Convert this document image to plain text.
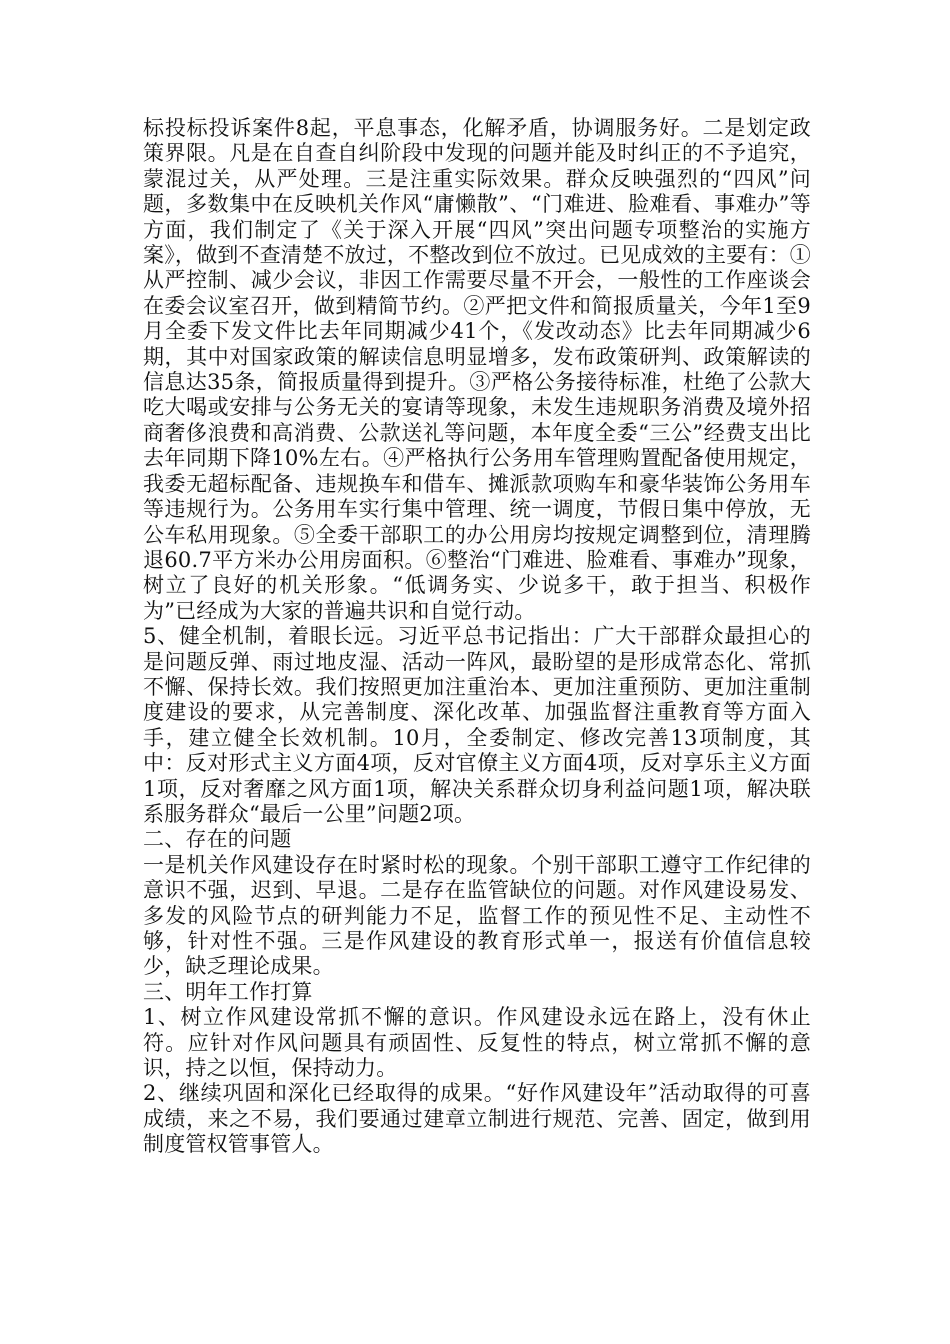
标投标投诉案件8起，平息事态，化解矛盾，协调服务好。二是划定政策界限。凡是在自查自纠阶段中发现的问题并能及时纠正的不予追究，蒙混过关，从严处理。三是注重实际效果。群众反映强烈的“四风”问题，多数集中在反映机关作风“庸懒散”、“门难进、脸难看、事难办”等方面，我们制定了《关于深入开展“四风”突出问题专项整治的实施方案》，做到不查清楚不放过，不整改到位不放过。已见成效的主要有：①从严控制、减少会议，非因工作需要尽量不开会，一般性的工作座谈会在委会议室召开，做到精简节约。②严把文件和简报质量关，今年1至9月全委下发文件比去年同期减少41个，《发改动态》比去年同期减少6期，其中对国家政策的解读信息明显增多，发布政策研判、政策解读的信息达35条，简报质量得到提升。③严格公务接待标准，杜绝了公款大吃大喝或安排与公务无关的宴请等现象，未发生违规职务消费及境外招商奢侈浪费和高消费、公款送礼等问题，本年度全委“三公”经费支出比去年同期下降10%左右。④严格执行公务用车管理购置配备使用规定，我委无超标配备、违规换车和借车、摊派款项购车和豪华装饰公务用车等违规行为。公务用车实行集中管理、统一调度，节假日集中停放，无公车私用现象。⑤全委干部职工的办公用房均按规定调整到位，清理腾退60.7平方米办公用房面积。⑥整治“门难进、脸难看、事难办”现象，树立了良好的机关形象。“低调务实、少说多干，敢于担当、积极作为”已经成为大家的普遍共识和自觉行动。

5、健全机制，着眼长远。习近平总书记指出：广大干部群众最担心的是问题反弹、雨过地皮湿、活动一阵风，最盼望的是形成常态化、常抓不懈、保持长效。我们按照更加注重治本、更加注重预防、更加注重制度建设的要求，从完善制度、深化改革、加强监督注重教育等方面入手，建立健全长效机制。10月，全委制定、修改完善13项制度，其中：反对形式主义方面4项，反对官僚主义方面4项，反对享乐主义方面1项，反对奢靡之风方面1项，解决关系群众切身利益问题1项，解决联系服务群众“最后一公里”问题2项。

二、存在的问题

一是机关作风建设存在时紧时松的现象。个别干部职工遵守工作纪律的意识不强，迟到、早退。二是存在监管缺位的问题。对作风建设易发、多发的风险节点的研判能力不足，监督工作的预见性不足、主动性不够，针对性不强。三是作风建设的教育形式单一，报送有价值信息较少，缺乏理论成果。

三、明年工作打算

1、树立作风建设常抓不懈的意识。作风建设永远在路上，没有休止符。应针对作风问题具有顽固性、反复性的特点，树立常抓不懈的意识，持之以恒，保持动力。

2、继续巩固和深化已经取得的成果。“好作风建设年”活动取得的可喜成绩，来之不易，我们要通过建章立制进行规范、完善、固定，做到用制度管权管事管人。
